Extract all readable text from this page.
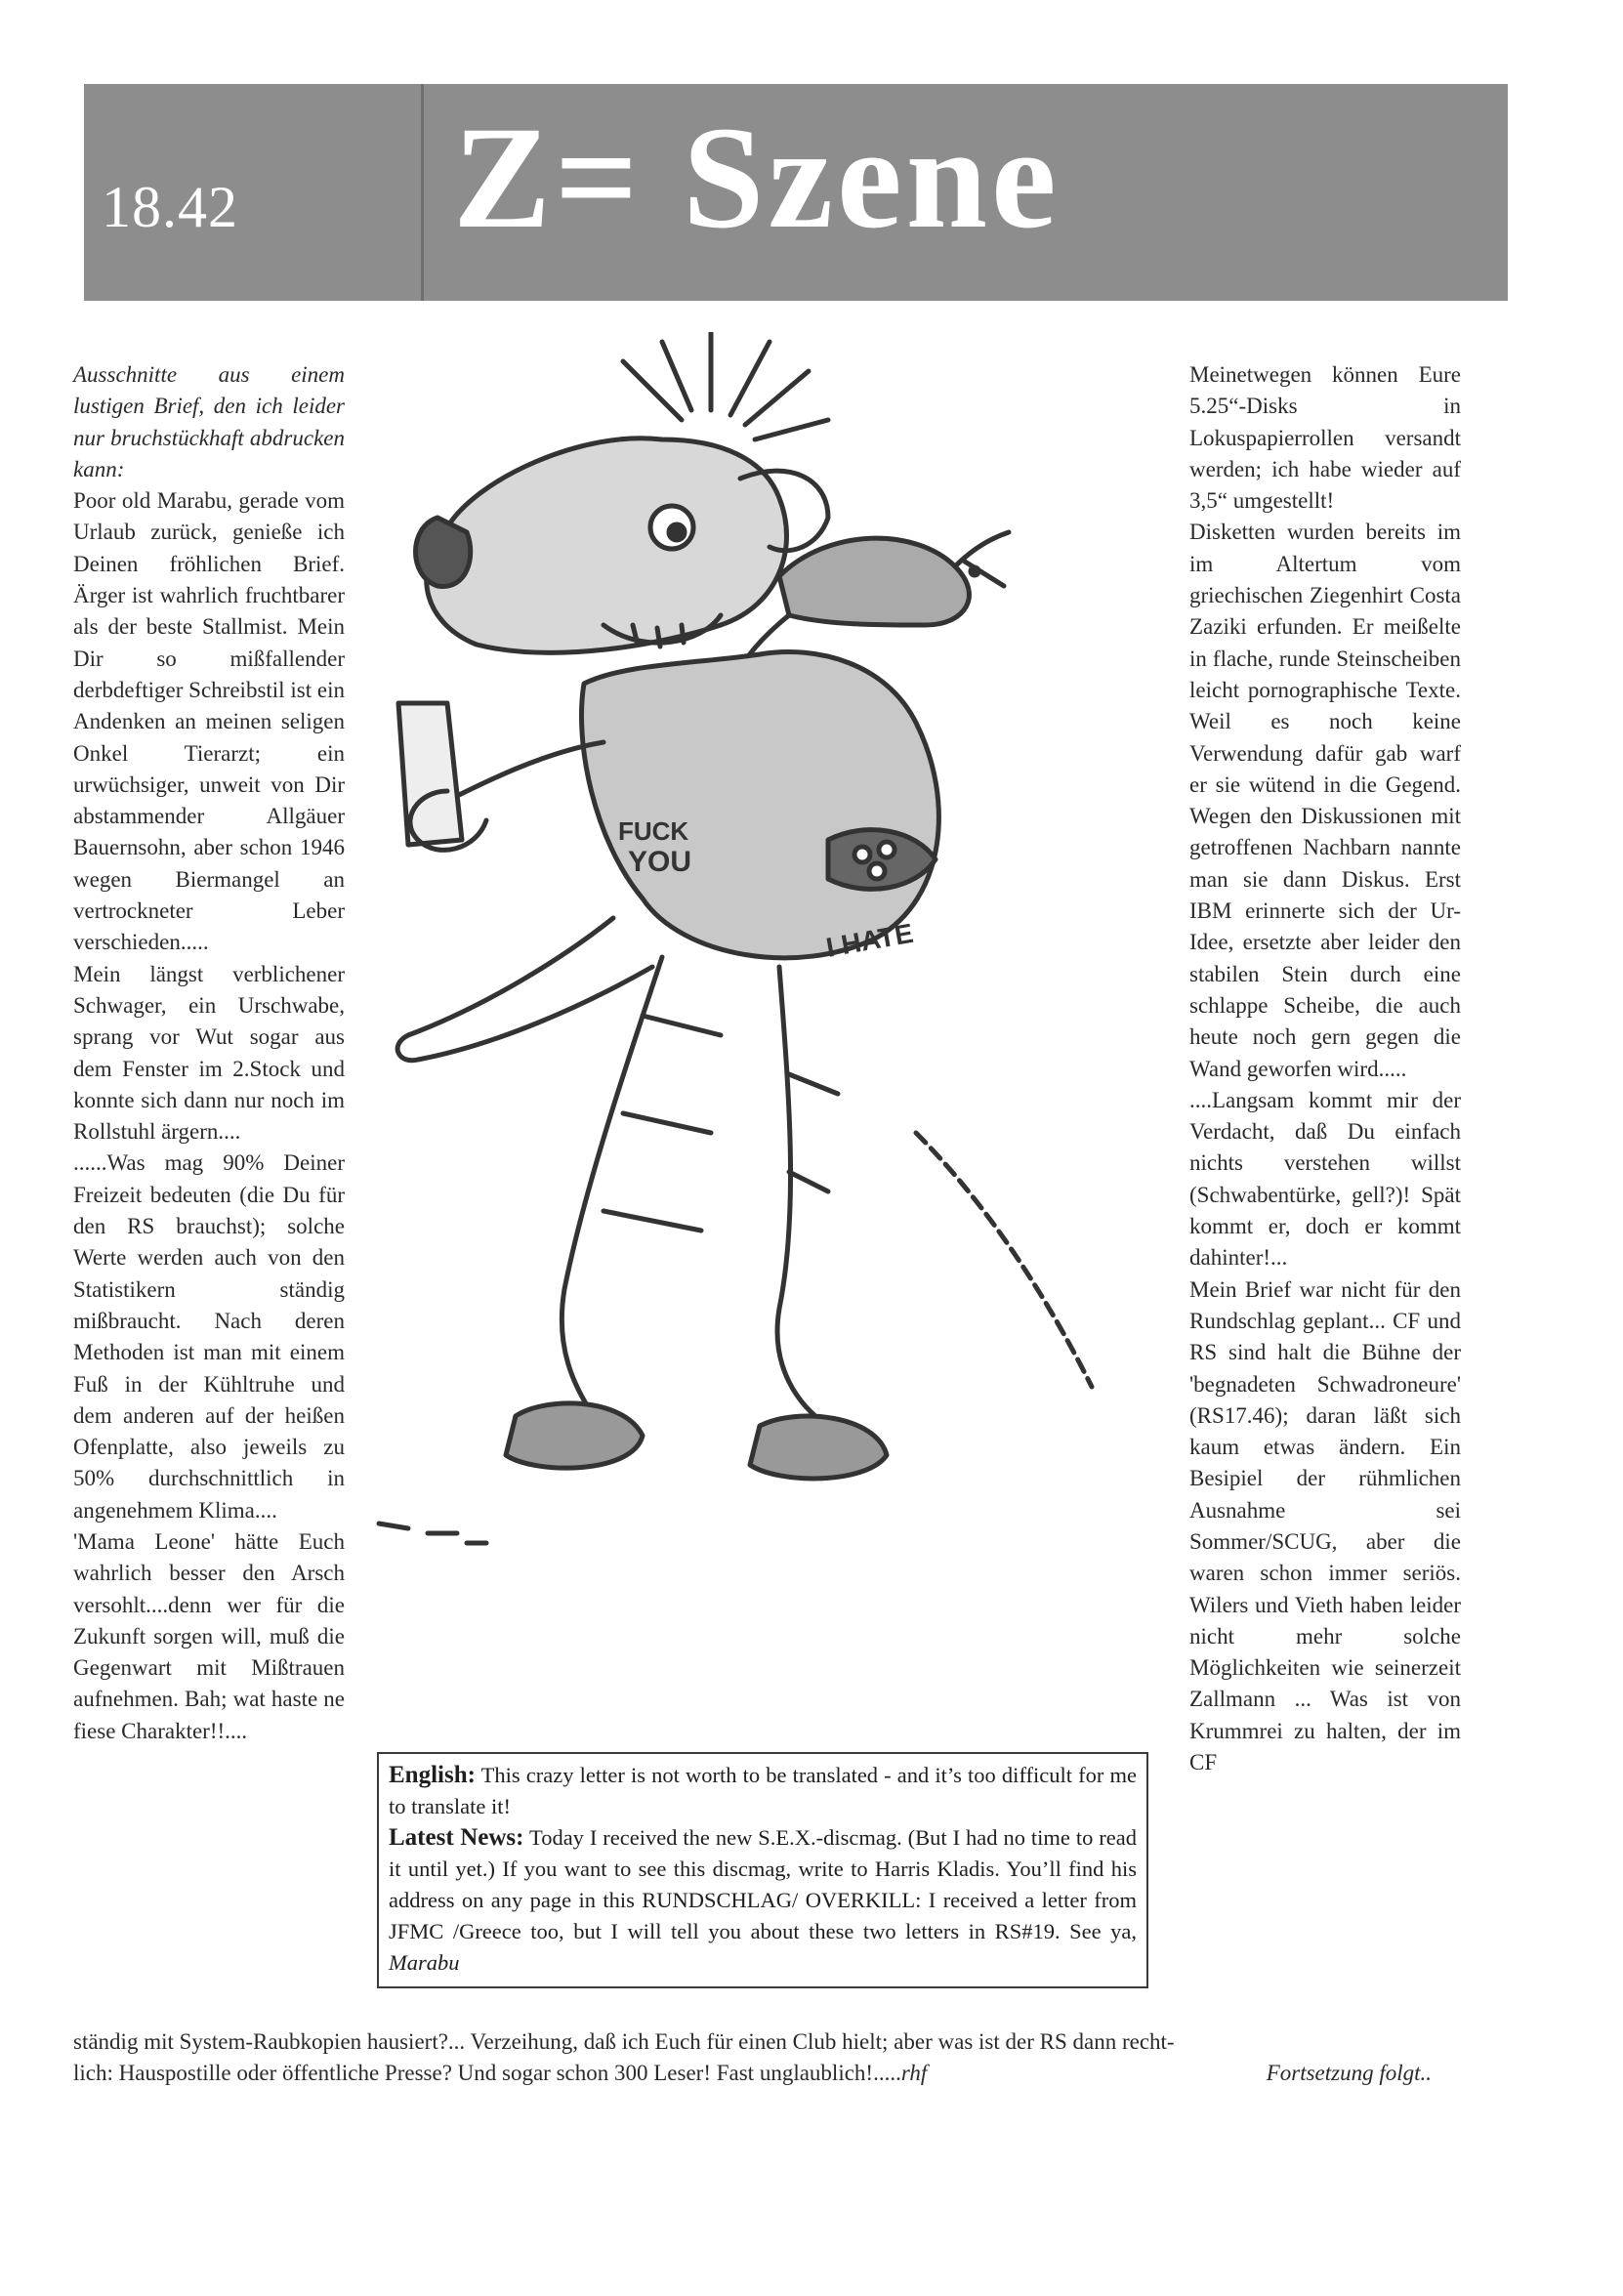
18.42 Z= Szene

Ausschnitte aus einem lustigen Brief, den ich leider nur bruchstückhaft abdrucken kann:

Poor old Marabu, gerade vom Urlaub zurück, genieße ich Deinen fröhlichen Brief. Ärger ist wahrlich fruchtbarer als der beste Stallmist. Mein Dir so mißfallender derbdeftiger Schreibstil ist ein Andenken an meinen seligen Onkel Tierarzt; ein urwüchsiger, unweit von Dir abstammender Allgäuer Bauernsohn, aber schon 1946 wegen Biermangel an vertrockneter Leber verschieden.....

Mein längst verblichener Schwager, ein Urschwabe, sprang vor Wut sogar aus dem Fenster im 2.Stock und konnte sich dann nur noch im Rollstuhl ärgern....

......Was mag 90% Deiner Freizeit bedeuten (die Du für den RS brauchst); solche Werte werden auch von den Statistikern ständig mißbraucht. Nach deren Methoden ist man mit einem Fuß in der Kühltruhe und dem anderen auf der heißen Ofenplatte, also jeweils zu 50% durchschnittlich in angenehmem Klima....

'Mama Leone' hätte Euch wahrlich besser den Arsch versohlt....denn wer für die Zukunft sorgen will, muß die Gegenwart mit Mißtrauen aufnehmen. Bah; wat haste ne fiese Charakter!!....

FUCK
YOU
I HATE

English: This crazy letter is not worth to be translated - and it’s too difficult for me to translate it!

Latest News: Today I received the new S.E.X.-discmag. (But I had no time to read it until yet.) If you want to see this discmag, write to Harris Kladis. You’ll find his address on any page in this RUNDSCHLAG/ OVERKILL: I received a letter from JFMC /Greece too, but I will tell you about these two letters in RS#19. See ya, Marabu

Meinetwegen können Eure 5.25“-Disks in Lokuspapierrollen versandt werden; ich habe wieder auf 3,5“ umgestellt!

Disketten wurden bereits im im Altertum vom griechischen Ziegenhirt Costa Zaziki erfunden. Er meißelte in flache, runde Steinscheiben leicht pornographische Texte. Weil es noch keine Verwendung dafür gab warf er sie wütend in die Gegend. Wegen den Diskussionen mit getroffenen Nachbarn nannte man sie dann Diskus. Erst IBM erinnerte sich der Ur-Idee, ersetzte aber leider den stabilen Stein durch eine schlappe Scheibe, die auch heute noch gern gegen die Wand geworfen wird.....

....Langsam kommt mir der Verdacht, daß Du einfach nichts verstehen willst (Schwabentürke, gell?)! Spät kommt er, doch er kommt dahinter!...

Mein Brief war nicht für den Rundschlag geplant... CF und RS sind halt die Bühne der 'begnadeten Schwadroneure' (RS17.46); daran läßt sich kaum etwas ändern. Ein Besipiel der rühmlichen Ausnahme sei Sommer/SCUG, aber die waren schon immer seriös. Wilers und Vieth haben leider nicht mehr solche Möglichkeiten wie seinerzeit Zallmann ... Was ist von Krummrei zu halten, der im CF

ständig mit System-Raubkopien hausiert?... Verzeihung, daß ich Euch für einen Club hielt; aber was ist der RS dann recht-
lich: Hauspostille oder öffentliche Presse? Und sogar schon 300 Leser! Fast unglaublich!.....rhf	Fortsetzung folgt..
